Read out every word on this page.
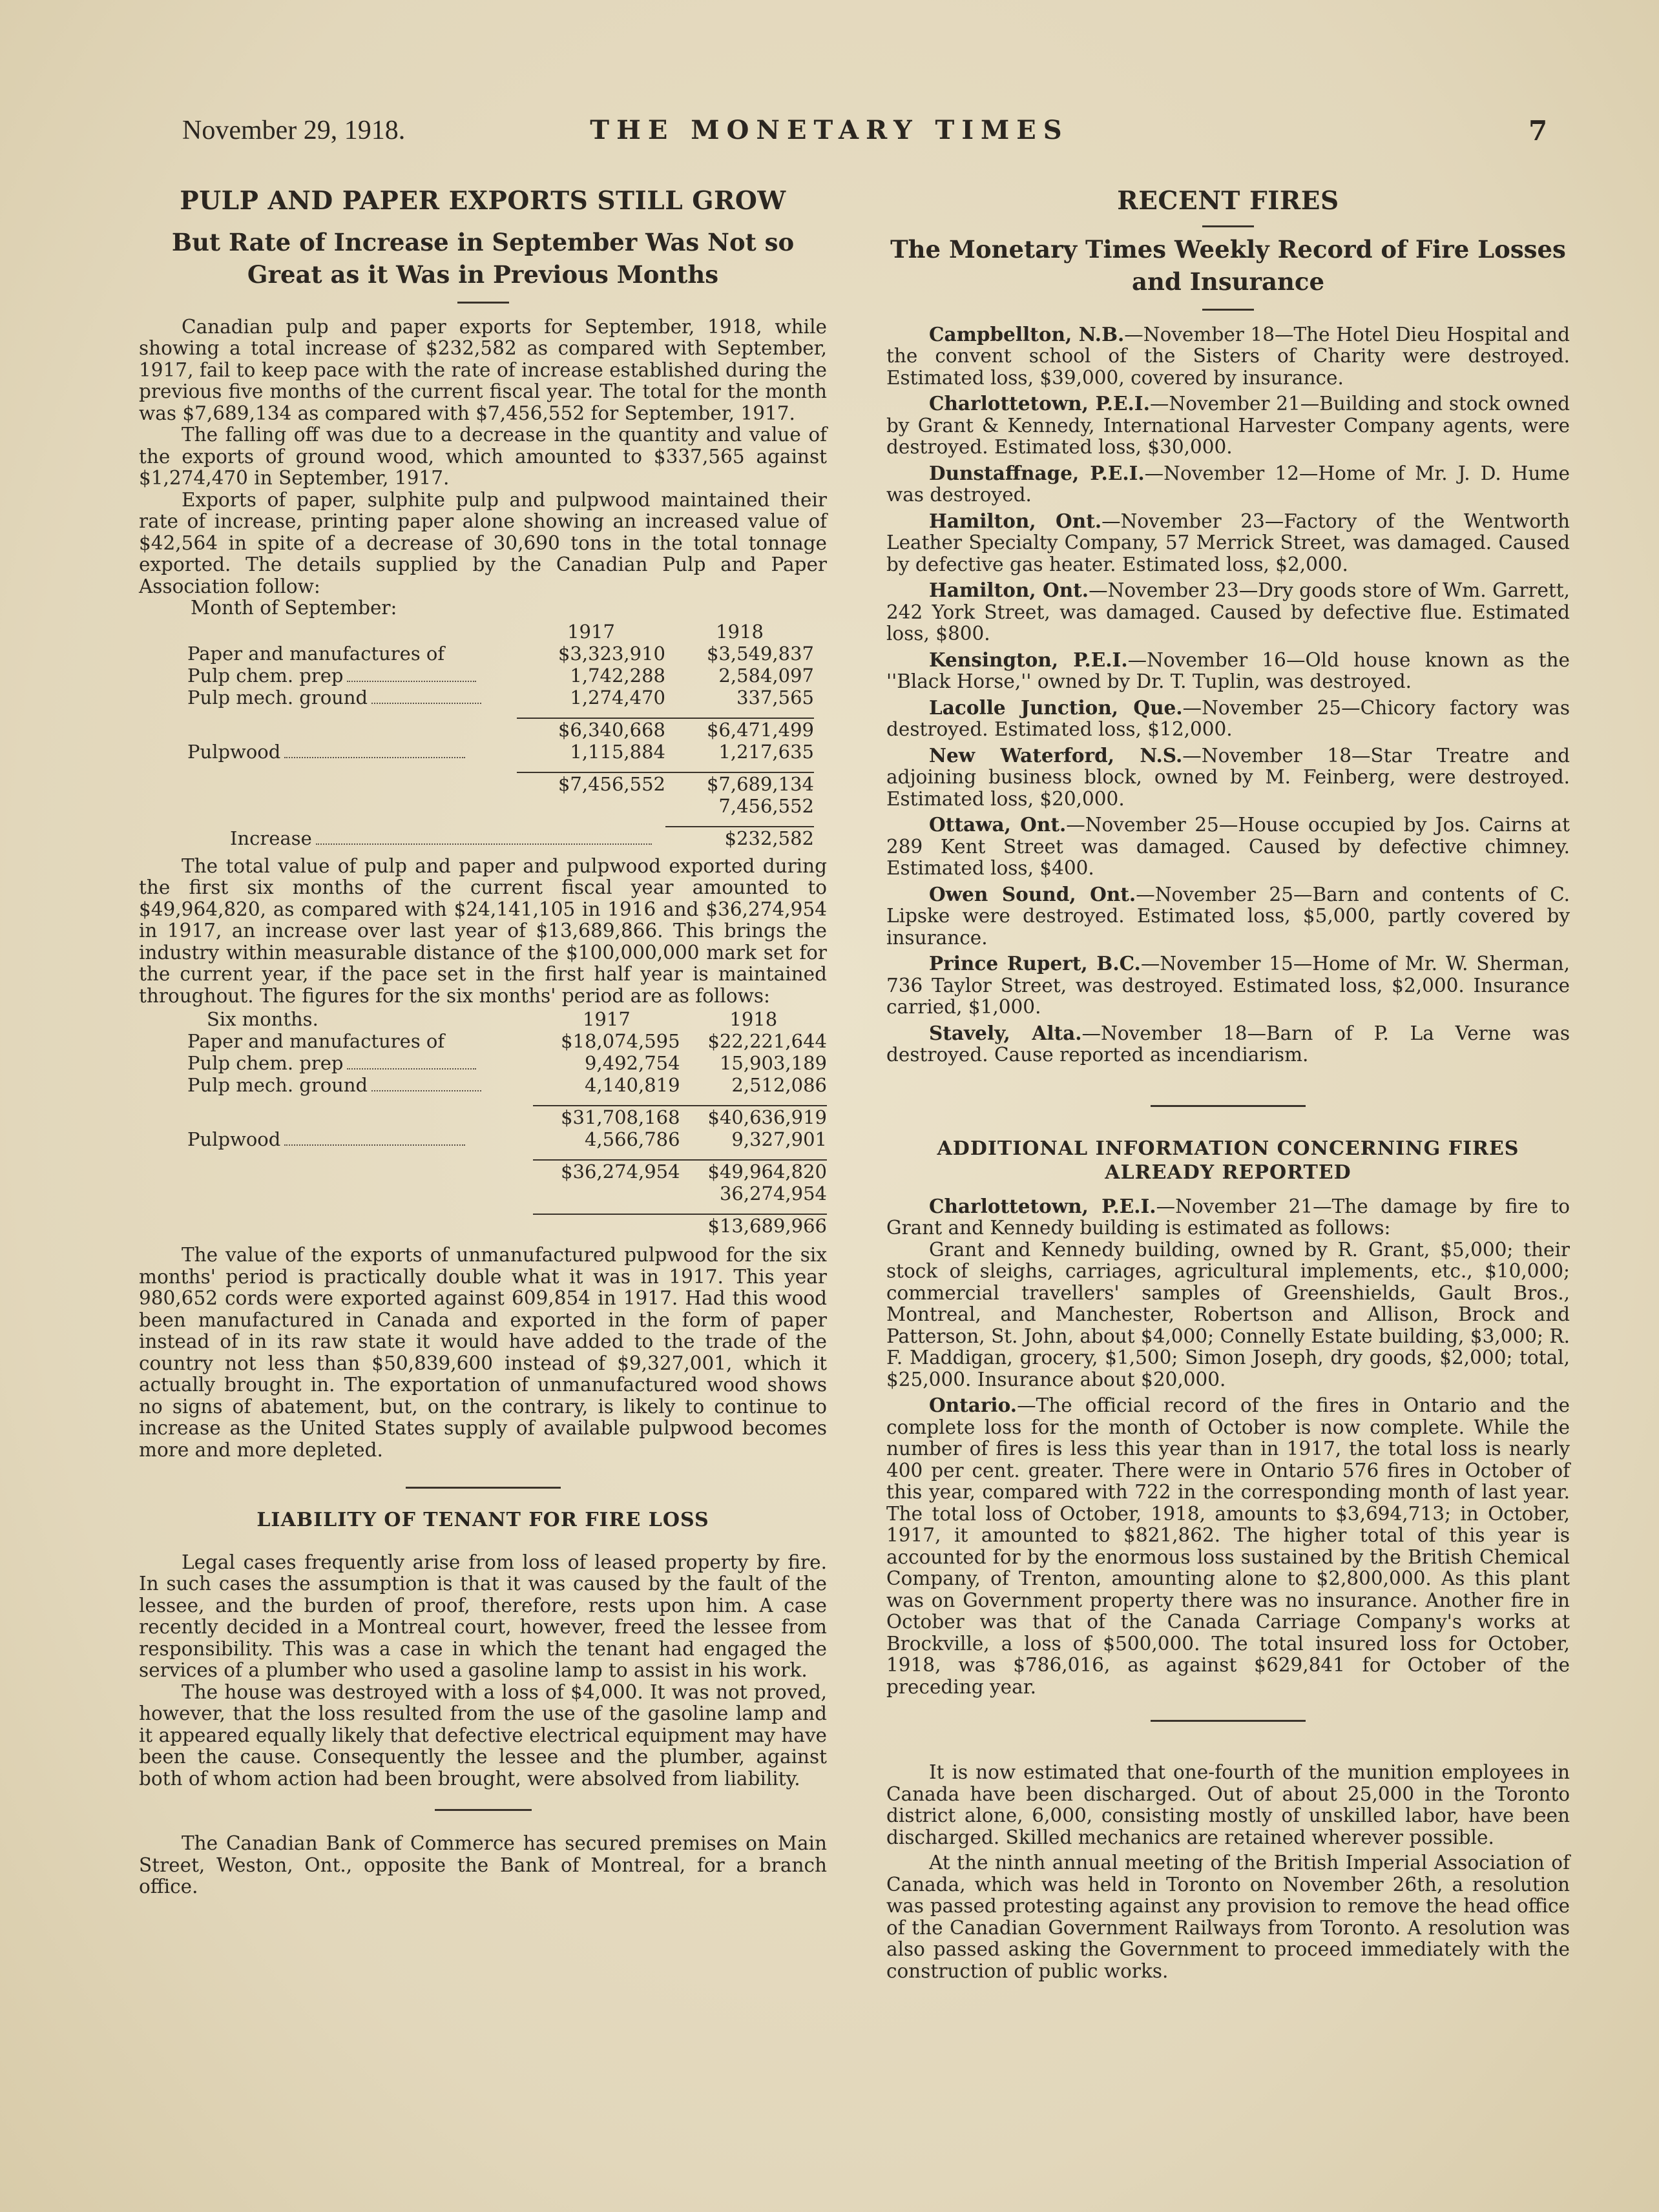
November 29, 1918.	THE MONETARY TIMES	7
PULP AND PAPER EXPORTS STILL GROW
But Rate of Increase in September Was Not so Great as it Was in Previous Months

Canadian pulp and paper exports for September, 1918, while showing a total increase of $232,582 as compared with September, 1917, fail to keep pace with the rate of increase established during the previous five months of the current fiscal year. The total for the month was $7,689,134 as compared with $7,456,552 for September, 1917.

The falling off was due to a decrease in the quantity and value of the exports of ground wood, which amounted to $337,565 against $1,274,470 in September, 1917.

Exports of paper, sulphite pulp and pulpwood maintained their rate of increase, printing paper alone showing an increased value of $42,564 in spite of a decrease of 30,690 tons in the total tonnage exported. The details supplied by the Canadian Pulp and Paper Association follow:

Month of September:

	1917	1918
Paper and manufactures of	$3,323,910	$3,549,837
Pulp chem. prep	1,742,288	2,584,097
Pulp mech. ground	1,274,470	337,565

	$6,340,668	$6,471,499
Pulpwood	1,115,884	1,217,635

	$7,456,552	$7,689,134
		7,456,552

Increase		$232,582

The total value of pulp and paper and pulpwood exported during the first six months of the current fiscal year amounted to $49,964,820, as compared with $24,141,105 in 1916 and $36,274,954 in 1917, an increase over last year of $13,689,866. This brings the industry within measurable distance of the $100,000,000 mark set for the current year, if the pace set in the first half year is maintained throughout. The figures for the six months' period are as follows:

Six months.	1917	1918
Paper and manufactures of	$18,074,595	$22,221,644
Pulp chem. prep	9,492,754	15,903,189
Pulp mech. ground	4,140,819	2,512,086

	$31,708,168	$40,636,919
Pulpwood	4,566,786	9,327,901

	$36,274,954	$49,964,820
		36,274,954

		$13,689,966

The value of the exports of unmanufactured pulpwood for the six months' period is practically double what it was in 1917. This year 980,652 cords were exported against 609,854 in 1917. Had this wood been manufactured in Canada and exported in the form of paper instead of in its raw state it would have added to the trade of the country not less than $50,839,600 instead of $9,327,001, which it actually brought in. The exportation of unmanufactured wood shows no signs of abatement, but, on the contrary, is likely to continue to increase as the United States supply of available pulpwood becomes more and more depleted.

LIABILITY OF TENANT FOR FIRE LOSS

Legal cases frequently arise from loss of leased property by fire. In such cases the assumption is that it was caused by the fault of the lessee, and the burden of proof, therefore, rests upon him. A case recently decided in a Montreal court, however, freed the lessee from responsibility. This was a case in which the tenant had engaged the services of a plumber who used a gasoline lamp to assist in his work.

The house was destroyed with a loss of $4,000. It was not proved, however, that the loss resulted from the use of the gasoline lamp and it appeared equally likely that defective electrical equipment may have been the cause. Consequently the lessee and the plumber, against both of whom action had been brought, were absolved from liability.

The Canadian Bank of Commerce has secured premises on Main Street, Weston, Ont., opposite the Bank of Montreal, for a branch office.

RECENT FIRES
The Monetary Times Weekly Record of Fire Losses and Insurance

Campbellton, N.B.—November 18—The Hotel Dieu Hospital and the convent school of the Sisters of Charity were destroyed. Estimated loss, $39,000, covered by insurance.

Charlottetown, P.E.I.—November 21—Building and stock owned by Grant & Kennedy, International Harvester Company agents, were destroyed. Estimated loss, $30,000.

Dunstaffnage, P.E.I.—November 12—Home of Mr. J. D. Hume was destroyed.

Hamilton, Ont.—November 23—Factory of the Wentworth Leather Specialty Company, 57 Merrick Street, was damaged. Caused by defective gas heater. Estimated loss, $2,000.

Hamilton, Ont.—November 23—Dry goods store of Wm. Garrett, 242 York Street, was damaged. Caused by defective flue. Estimated loss, $800.

Kensington, P.E.I.—November 16—Old house known as the ''Black Horse,'' owned by Dr. T. Tuplin, was destroyed.

Lacolle Junction, Que.—November 25—Chicory factory was destroyed. Estimated loss, $12,000.

New Waterford, N.S.—November 18—Star Treatre and adjoining business block, owned by M. Feinberg, were destroyed. Estimated loss, $20,000.

Ottawa, Ont.—November 25—House occupied by Jos. Cairns at 289 Kent Street was damaged. Caused by defective chimney. Estimated loss, $400.

Owen Sound, Ont.—November 25—Barn and contents of C. Lipske were destroyed. Estimated loss, $5,000, partly covered by insurance.

Prince Rupert, B.C.—November 15—Home of Mr. W. Sherman, 736 Taylor Street, was destroyed. Estimated loss, $2,000. Insurance carried, $1,000.

Stavely, Alta.—November 18—Barn of P. La Verne was destroyed. Cause reported as incendiarism.

ADDITIONAL INFORMATION CONCERNING FIRES ALREADY REPORTED

Charlottetown, P.E.I.—November 21—The damage by fire to Grant and Kennedy building is estimated as follows:

Grant and Kennedy building, owned by R. Grant, $5,000; their stock of sleighs, carriages, agricultural implements, etc., $10,000; commercial travellers' samples of Greenshields, Gault Bros., Montreal, and Manchester, Robertson and Allison, Brock and Patterson, St. John, about $4,000; Connelly Estate building, $3,000; R. F. Maddigan, grocery, $1,500; Simon Joseph, dry goods, $2,000; total, $25,000. Insurance about $20,000.

Ontario.—The official record of the fires in Ontario and the complete loss for the month of October is now complete. While the number of fires is less this year than in 1917, the total loss is nearly 400 per cent. greater. There were in Ontario 576 fires in October of this year, compared with 722 in the corresponding month of last year. The total loss of October, 1918, amounts to $3,694,713; in October, 1917, it amounted to $821,862. The higher total of this year is accounted for by the enormous loss sustained by the British Chemical Company, of Trenton, amounting alone to $2,800,000. As this plant was on Government property there was no insurance. Another fire in October was that of the Canada Carriage Company's works at Brockville, a loss of $500,000. The total insured loss for October, 1918, was $786,016, as against $629,841 for October of the preceding year.

It is now estimated that one-fourth of the munition employees in Canada have been discharged. Out of about 25,000 in the Toronto district alone, 6,000, consisting mostly of unskilled labor, have been discharged. Skilled mechanics are retained wherever possible.

At the ninth annual meeting of the British Imperial Association of Canada, which was held in Toronto on November 26th, a resolution was passed protesting against any provision to remove the head office of the Canadian Government Railways from Toronto. A resolution was also passed asking the Government to proceed immediately with the construction of public works.
